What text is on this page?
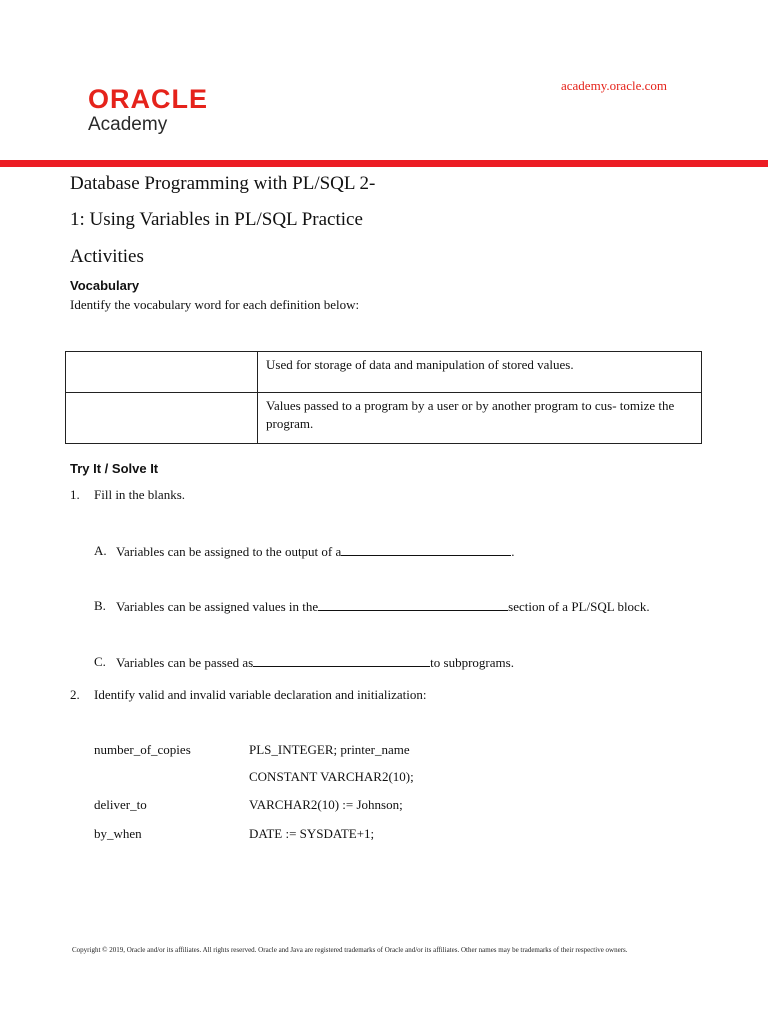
ORACLE
Academy
academy.oracle.com
Database Programming with PL/SQL 2-
1: Using Variables in PL/SQL Practice
Activities
Vocabulary
Identify the vocabulary word for each definition below:
	Used for storage of data and manipulation of stored values.
	Values passed to a program by a user or by another program to cus- tomize the program.
Try It / Solve It
1. Fill in the blanks.
A. Variables can be assigned to the output of a	.
B. Variables can be assigned values in the	section of a PL/SQL block.
C. Variables can be passed as	to subprograms.
2. Identify valid and invalid variable declaration and initialization:
number_of_copies	PLS_INTEGER; printer_name
CONSTANT VARCHAR2(10);
deliver_to	VARCHAR2(10) := Johnson;
by_when	DATE := SYSDATE+1;
Copyright © 2019, Oracle and/or its affiliates. All rights reserved. Oracle and Java are registered trademarks of Oracle and/or its affiliates. Other names may be trademarks of their respective owners.
